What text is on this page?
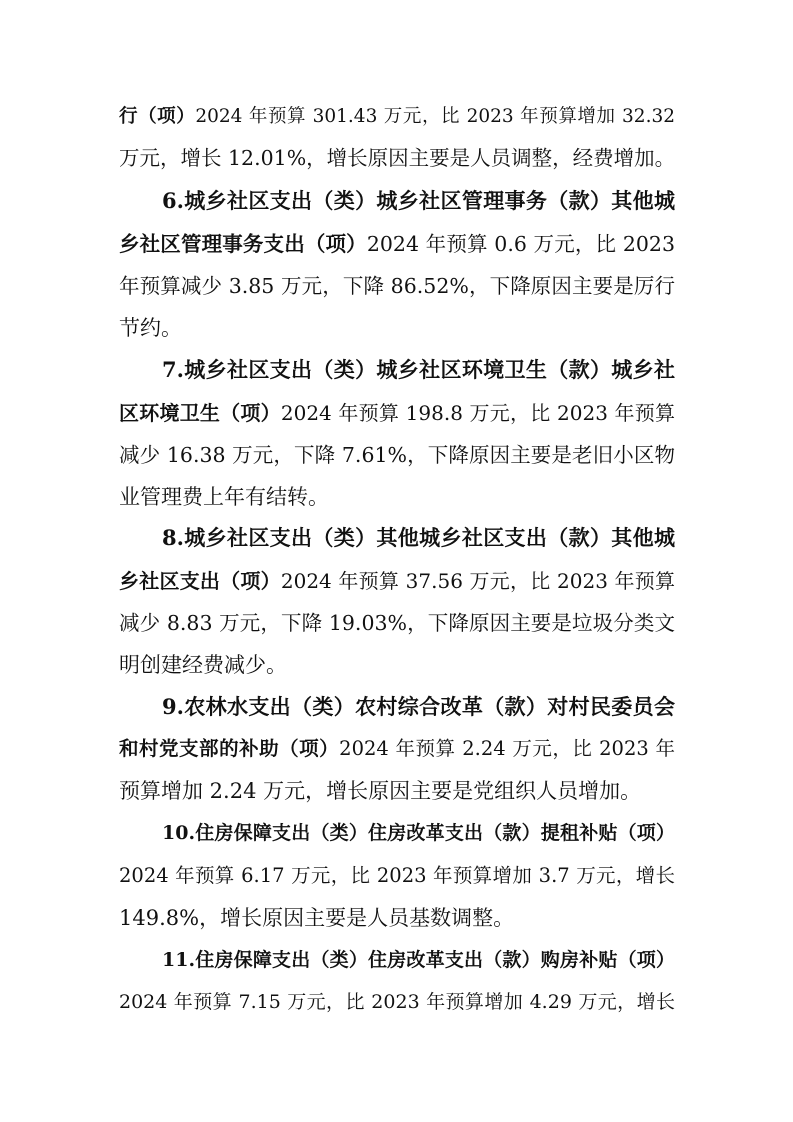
行（项）2024 年预算 301.43 万元，比 2023 年预算增加 32.32
万元，增长 12.01%，增长原因主要是人员调整，经费增加。
6.城乡社区支出（类）城乡社区管理事务（款）其他城
乡社区管理事务支出（项）2024 年预算 0.6 万元，比 2023
年预算减少 3.85 万元，下降 86.52%，下降原因主要是厉行
节约。
7.城乡社区支出（类）城乡社区环境卫生（款）城乡社
区环境卫生（项）2024 年预算 198.8 万元，比 2023 年预算
减少 16.38 万元，下降 7.61%，下降原因主要是老旧小区物
业管理费上年有结转。
8.城乡社区支出（类）其他城乡社区支出（款）其他城
乡社区支出（项）2024 年预算 37.56 万元，比 2023 年预算
减少 8.83 万元，下降 19.03%，下降原因主要是垃圾分类文
明创建经费减少。
9.农林水支出（类）农村综合改革（款）对村民委员会
和村党支部的补助（项）2024 年预算 2.24 万元，比 2023 年
预算增加 2.24 万元，增长原因主要是党组织人员增加。
10.住房保障支出（类）住房改革支出（款）提租补贴（项）
2024 年预算 6.17 万元，比 2023 年预算增加 3.7 万元，增长
149.8%，增长原因主要是人员基数调整。
11.住房保障支出（类）住房改革支出（款）购房补贴（项）
2024 年预算 7.15 万元，比 2023 年预算增加 4.29 万元，增长
